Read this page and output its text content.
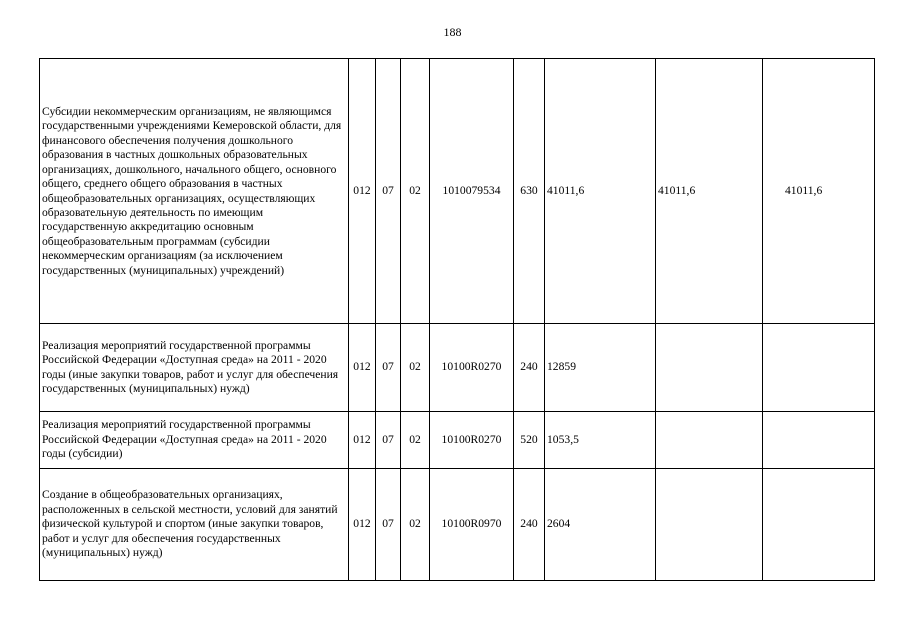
188
Субсидии некоммерческим организациям, не являющимся государственными учреждениями Кемеровской области, для финансового обеспечения получения дошкольного образования в частных дошкольных образовательных организациях, дошкольного, начального общего, основного общего, среднего общего образования в частных общеобразовательных организациях, осуществляющих образовательную деятельность по имеющим государственную аккредитацию основным общеобразовательным программам (субсидии некоммерческим организациям (за исключением государственных (муниципальных) учреждений)	012	07	02	1010079534	630	41011,6	41011,6	41011,6
Реализация мероприятий государственной программы Российской Федерации «Доступная среда» на 2011 - 2020 годы (иные закупки товаров, работ и услуг для обеспечения государственных (муниципальных) нужд)	012	07	02	10100R0270	240	12859		
Реализация мероприятий государственной программы Российской Федерации «Доступная среда» на 2011 - 2020 годы (субсидии)	012	07	02	10100R0270	520	1053,5		
Создание в общеобразовательных организациях, расположенных в сельской местности, условий для занятий физической культурой и спортом (иные закупки товаров, работ и услуг для обеспечения государственных (муниципальных) нужд)	012	07	02	10100R0970	240	2604		
